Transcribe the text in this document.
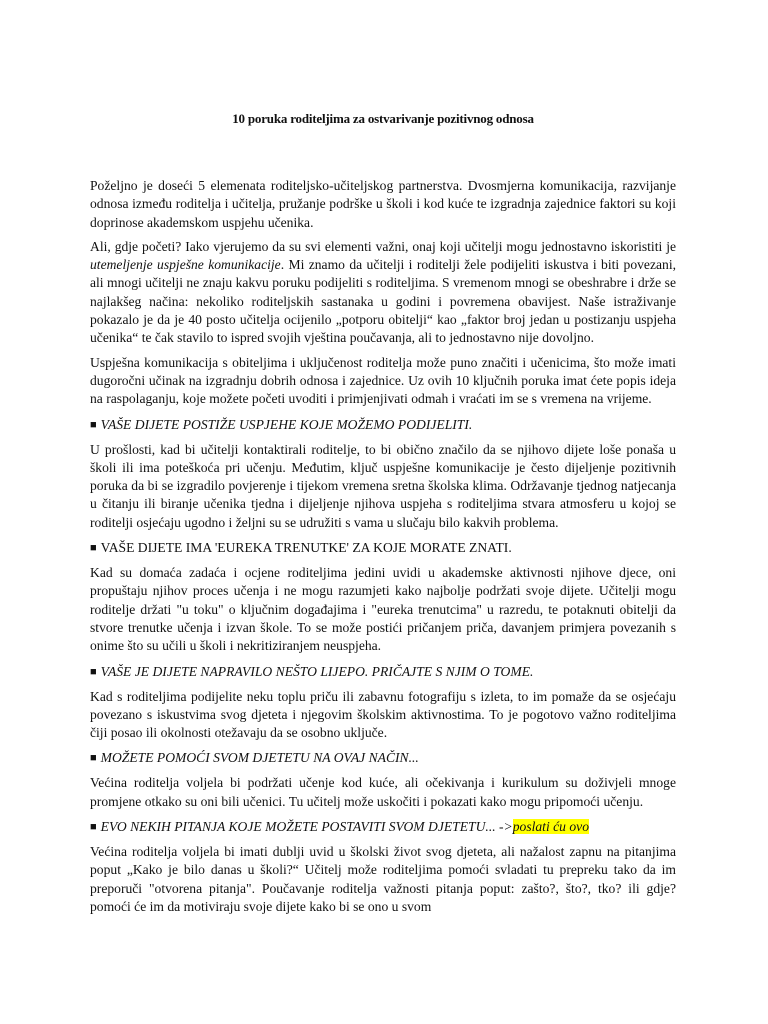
10 poruka roditeljima za ostvarivanje pozitivnog odnosa

Poželjno je doseći 5 elemenata roditeljsko-učiteljskog partnerstva. Dvosmjerna komunikacija, razvijanje odnosa između roditelja i učitelja, pružanje podrške u školi i kod kuće te izgradnja zajednice faktori su koji doprinose akademskom uspjehu učenika.

Ali, gdje početi? Iako vjerujemo da su svi elementi važni, onaj koji učitelji mogu jednostavno iskoristiti je utemeljenje uspješne komunikacije. Mi znamo da učitelji i roditelji žele podijeliti iskustva i biti povezani, ali mnogi učitelji ne znaju kakvu poruku podijeliti s roditeljima. S vremenom mnogi se obeshrabre i drže se najlakšeg načina: nekoliko roditeljskih sastanaka u godini i povremena obavijest. Naše istraživanje pokazalo je da je 40 posto učitelja ocijenilo „potporu obitelji“ kao „faktor broj jedan u postizanju uspjeha učenika“ te čak stavilo to ispred svojih vještina poučavanja, ali to jednostavno nije dovoljno.

Uspješna komunikacija s obiteljima i uključenost roditelja može puno značiti i učenicima, što može imati dugoročni učinak na izgradnju dobrih odnosa i zajednice. Uz ovih 10 ključnih poruka imat ćete popis ideja na raspolaganju, koje možete početi uvoditi i primjenjivati odmah i vraćati im se s vremena na vrijeme.

■ VAŠE DIJETE POSTIŽE USPJEHE KOJE MOŽEMO PODIJELITI.

U prošlosti, kad bi učitelji kontaktirali roditelje, to bi obično značilo da se njihovo dijete loše ponaša u školi ili ima poteškoća pri učenju. Međutim, ključ uspješne komunikacije je često dijeljenje pozitivnih poruka da bi se izgradilo povjerenje i tijekom vremena sretna školska klima. Održavanje tjednog natjecanja u čitanju ili biranje učenika tjedna i dijeljenje njihova uspjeha s roditeljima stvara atmosferu u kojoj se roditelji osjećaju ugodno i željni su se udružiti s vama u slučaju bilo kakvih problema.

■ VAŠE DIJETE IMA 'EUREKA TRENUTKE' ZA KOJE MORATE ZNATI.

Kad su domaća zadaća i ocjene roditeljima jedini uvidi u akademske aktivnosti njihove djece, oni propuštaju njihov proces učenja i ne mogu razumjeti kako najbolje podržati svoje dijete. Učitelji mogu roditelje držati "u toku" o ključnim događajima i "eureka trenutcima" u razredu, te potaknuti obitelji da stvore trenutke učenja i izvan škole. To se može postići pričanjem priča, davanjem primjera povezanih s onime što su učili u školi i nekritiziranjem neuspjeha.

■ VAŠE JE DIJETE NAPRAVILO NEŠTO LIJEPO. PRIČAJTE S NJIM O TOME.

Kad s roditeljima podijelite neku toplu priču ili zabavnu fotografiju s izleta, to im pomaže da se osjećaju povezano s iskustvima svog djeteta i njegovim školskim aktivnostima. To je pogotovo važno roditeljima čiji posao ili okolnosti otežavaju da se osobno uključe.

■ MOŽETE POMOĆI SVOM DJETETU NA OVAJ NAČIN...

Većina roditelja voljela bi podržati učenje kod kuće, ali očekivanja i kurikulum su doživjeli mnoge promjene otkako su oni bili učenici. Tu učitelj može uskočiti i pokazati kako mogu pripomoći učenju.

■ EVO NEKIH PITANJA KOJE MOŽETE POSTAVITI SVOM DJETETU... ->poslati ću ovo

Većina roditelja voljela bi imati dublji uvid u školski život svog djeteta, ali nažalost zapnu na pitanjima poput „Kako je bilo danas u školi?“ Učitelj može roditeljima pomoći svladati tu prepreku tako da im preporuči "otvorena pitanja". Poučavanje roditelja važnosti pitanja poput: zašto?, što?, tko? ili gdje? pomoći će im da motiviraju svoje dijete kako bi se ono u svom
